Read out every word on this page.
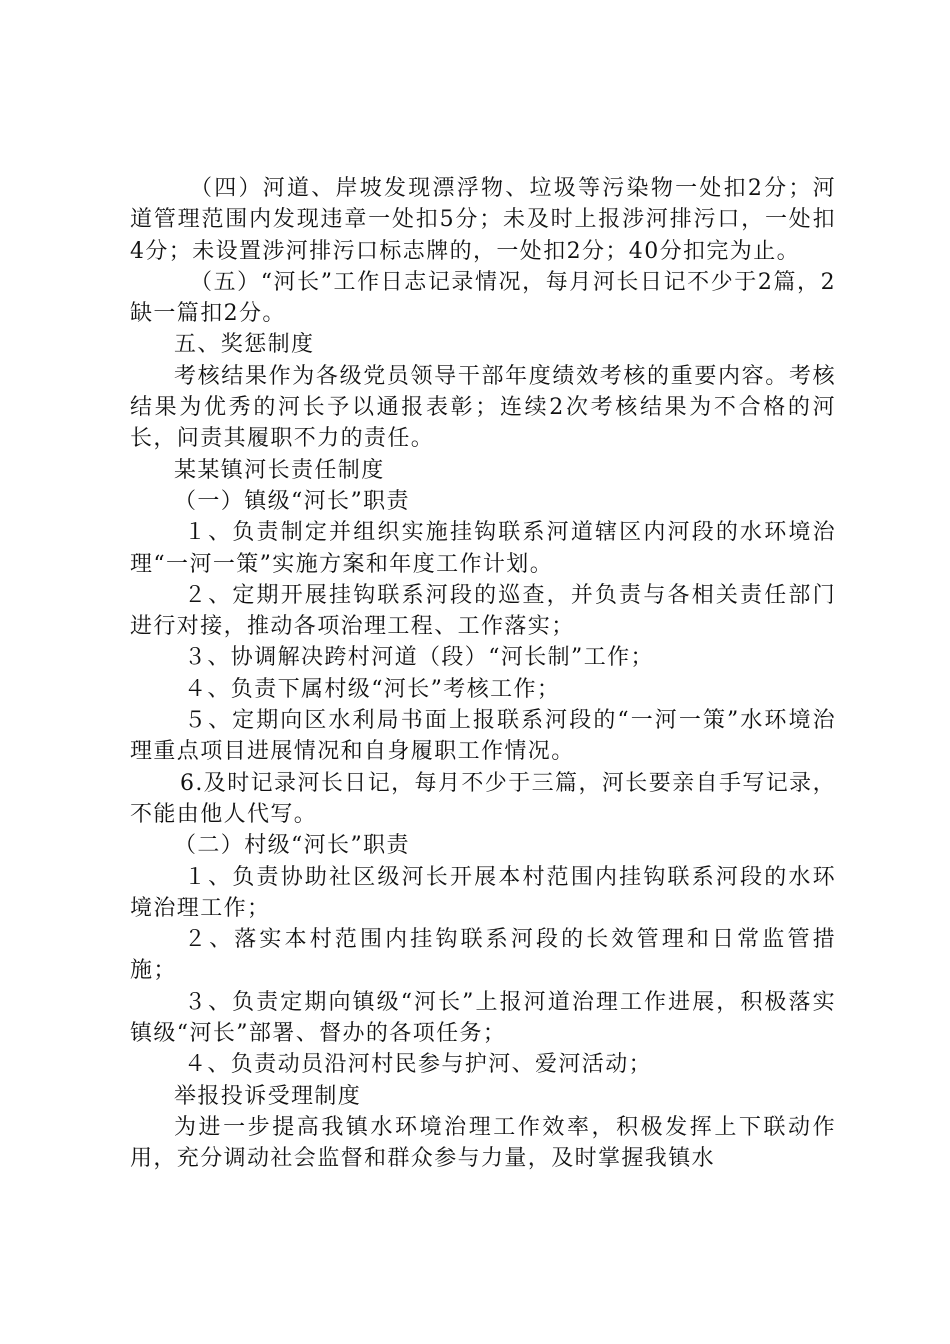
（四）河道、岸坡发现漂浮物、垃圾等污染物一处扣2分；河道管理范围内发现违章一处扣5分；未及时上报涉河排污口，一处扣4分；未设置涉河排污口标志牌的，一处扣2分；40分扣完为止。

（五）“河长”工作日志记录情况，每月河长日记不少于2篇，2缺一篇扣2分。

五、奖惩制度

考核结果作为各级党员领导干部年度绩效考核的重要内容。考核结果为优秀的河长予以通报表彰；连续2次考核结果为不合格的河长，问责其履职不力的责任。

某某镇河长责任制度

（一）镇级“河长”职责

１、负责制定并组织实施挂钩联系河道辖区内河段的水环境治理“一河一策”实施方案和年度工作计划。

２、定期开展挂钩联系河段的巡查，并负责与各相关责任部门进行对接，推动各项治理工程、工作落实；

３、协调解决跨村河道（段）“河长制”工作；

４、负责下属村级“河长”考核工作；

５、定期向区水利局书面上报联系河段的“一河一策”水环境治理重点项目进展情况和自身履职工作情况。

6.及时记录河长日记，每月不少于三篇，河长要亲自手写记录，不能由他人代写。

（二）村级“河长”职责

１、负责协助社区级河长开展本村范围内挂钩联系河段的水环境治理工作；

２、落实本村范围内挂钩联系河段的长效管理和日常监管措施；

３、负责定期向镇级“河长”上报河道治理工作进展，积极落实镇级“河长”部署、督办的各项任务；

４、负责动员沿河村民参与护河、爱河活动；

举报投诉受理制度

为进一步提高我镇水环境治理工作效率，积极发挥上下联动作用，充分调动社会监督和群众参与力量，及时掌握我镇水
